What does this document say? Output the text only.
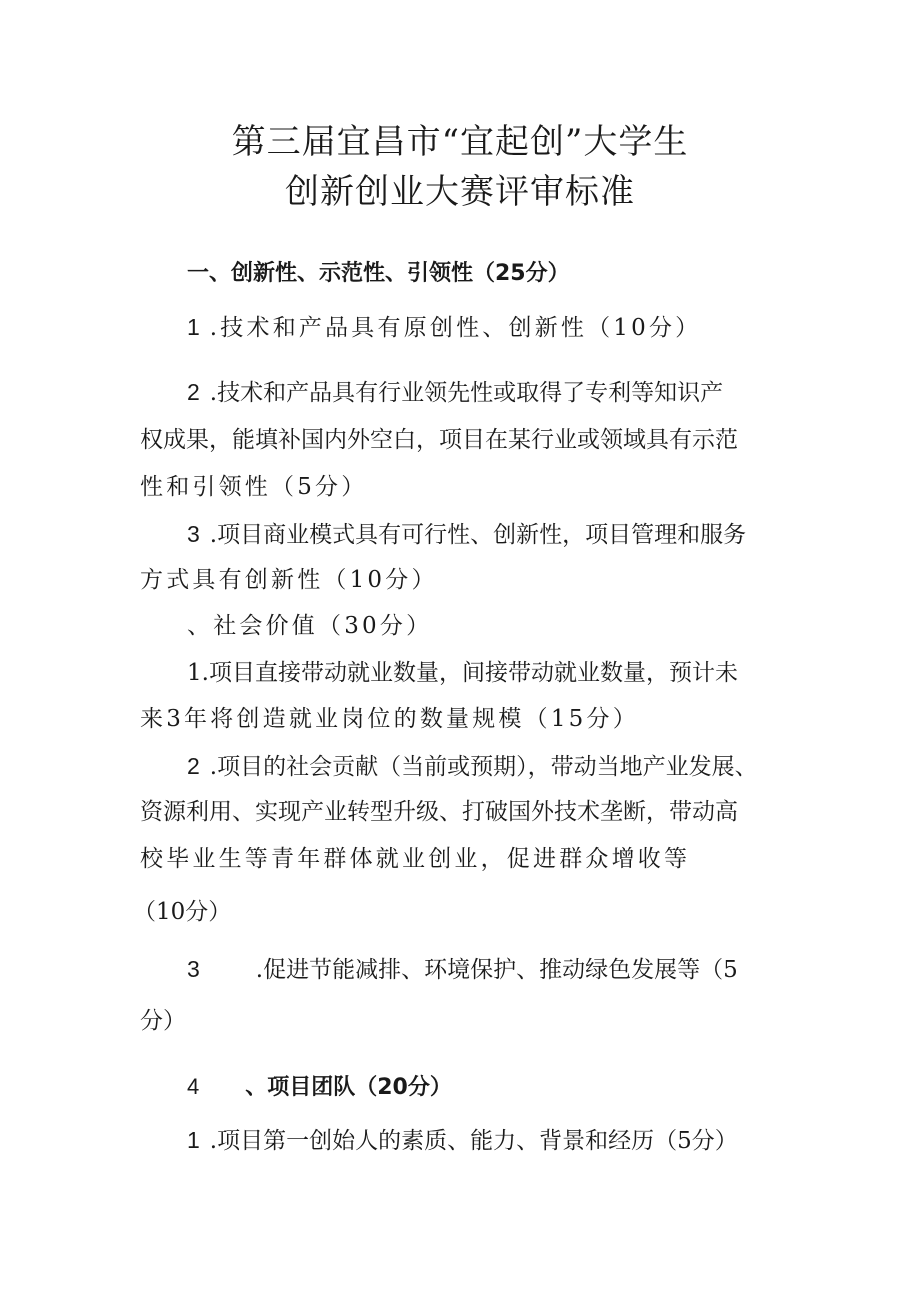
第三届宜昌市“宜起创”大学生
创新创业大赛评审标准
一、创新性、示范性、引领性（25分）
1 .技术和产品具有原创性、创新性（10分）
2 .技术和产品具有行业领先性或取得了专利等知识产
权成果，能填补国内外空白，项目在某行业或领域具有示范
性和引领性（5分）
3 .项目商业模式具有可行性、创新性，项目管理和服务
方式具有创新性（10分）
、社会价值（30分）
1.项目直接带动就业数量，间接带动就业数量，预计未
来3年将创造就业岗位的数量规模（15分）
2 .项目的社会贡献（当前或预期），带动当地产业发展、
资源利用、实现产业转型升级、打破国外技术垄断，带动高
校毕业生等青年群体就业创业，促进群众增收等
（10分）
3 .促进节能减排、环境保护、推动绿色发展等（5
分）
4 、项目团队（20分）
1 .项目第一创始人的素质、能力、背景和经历（5分）
